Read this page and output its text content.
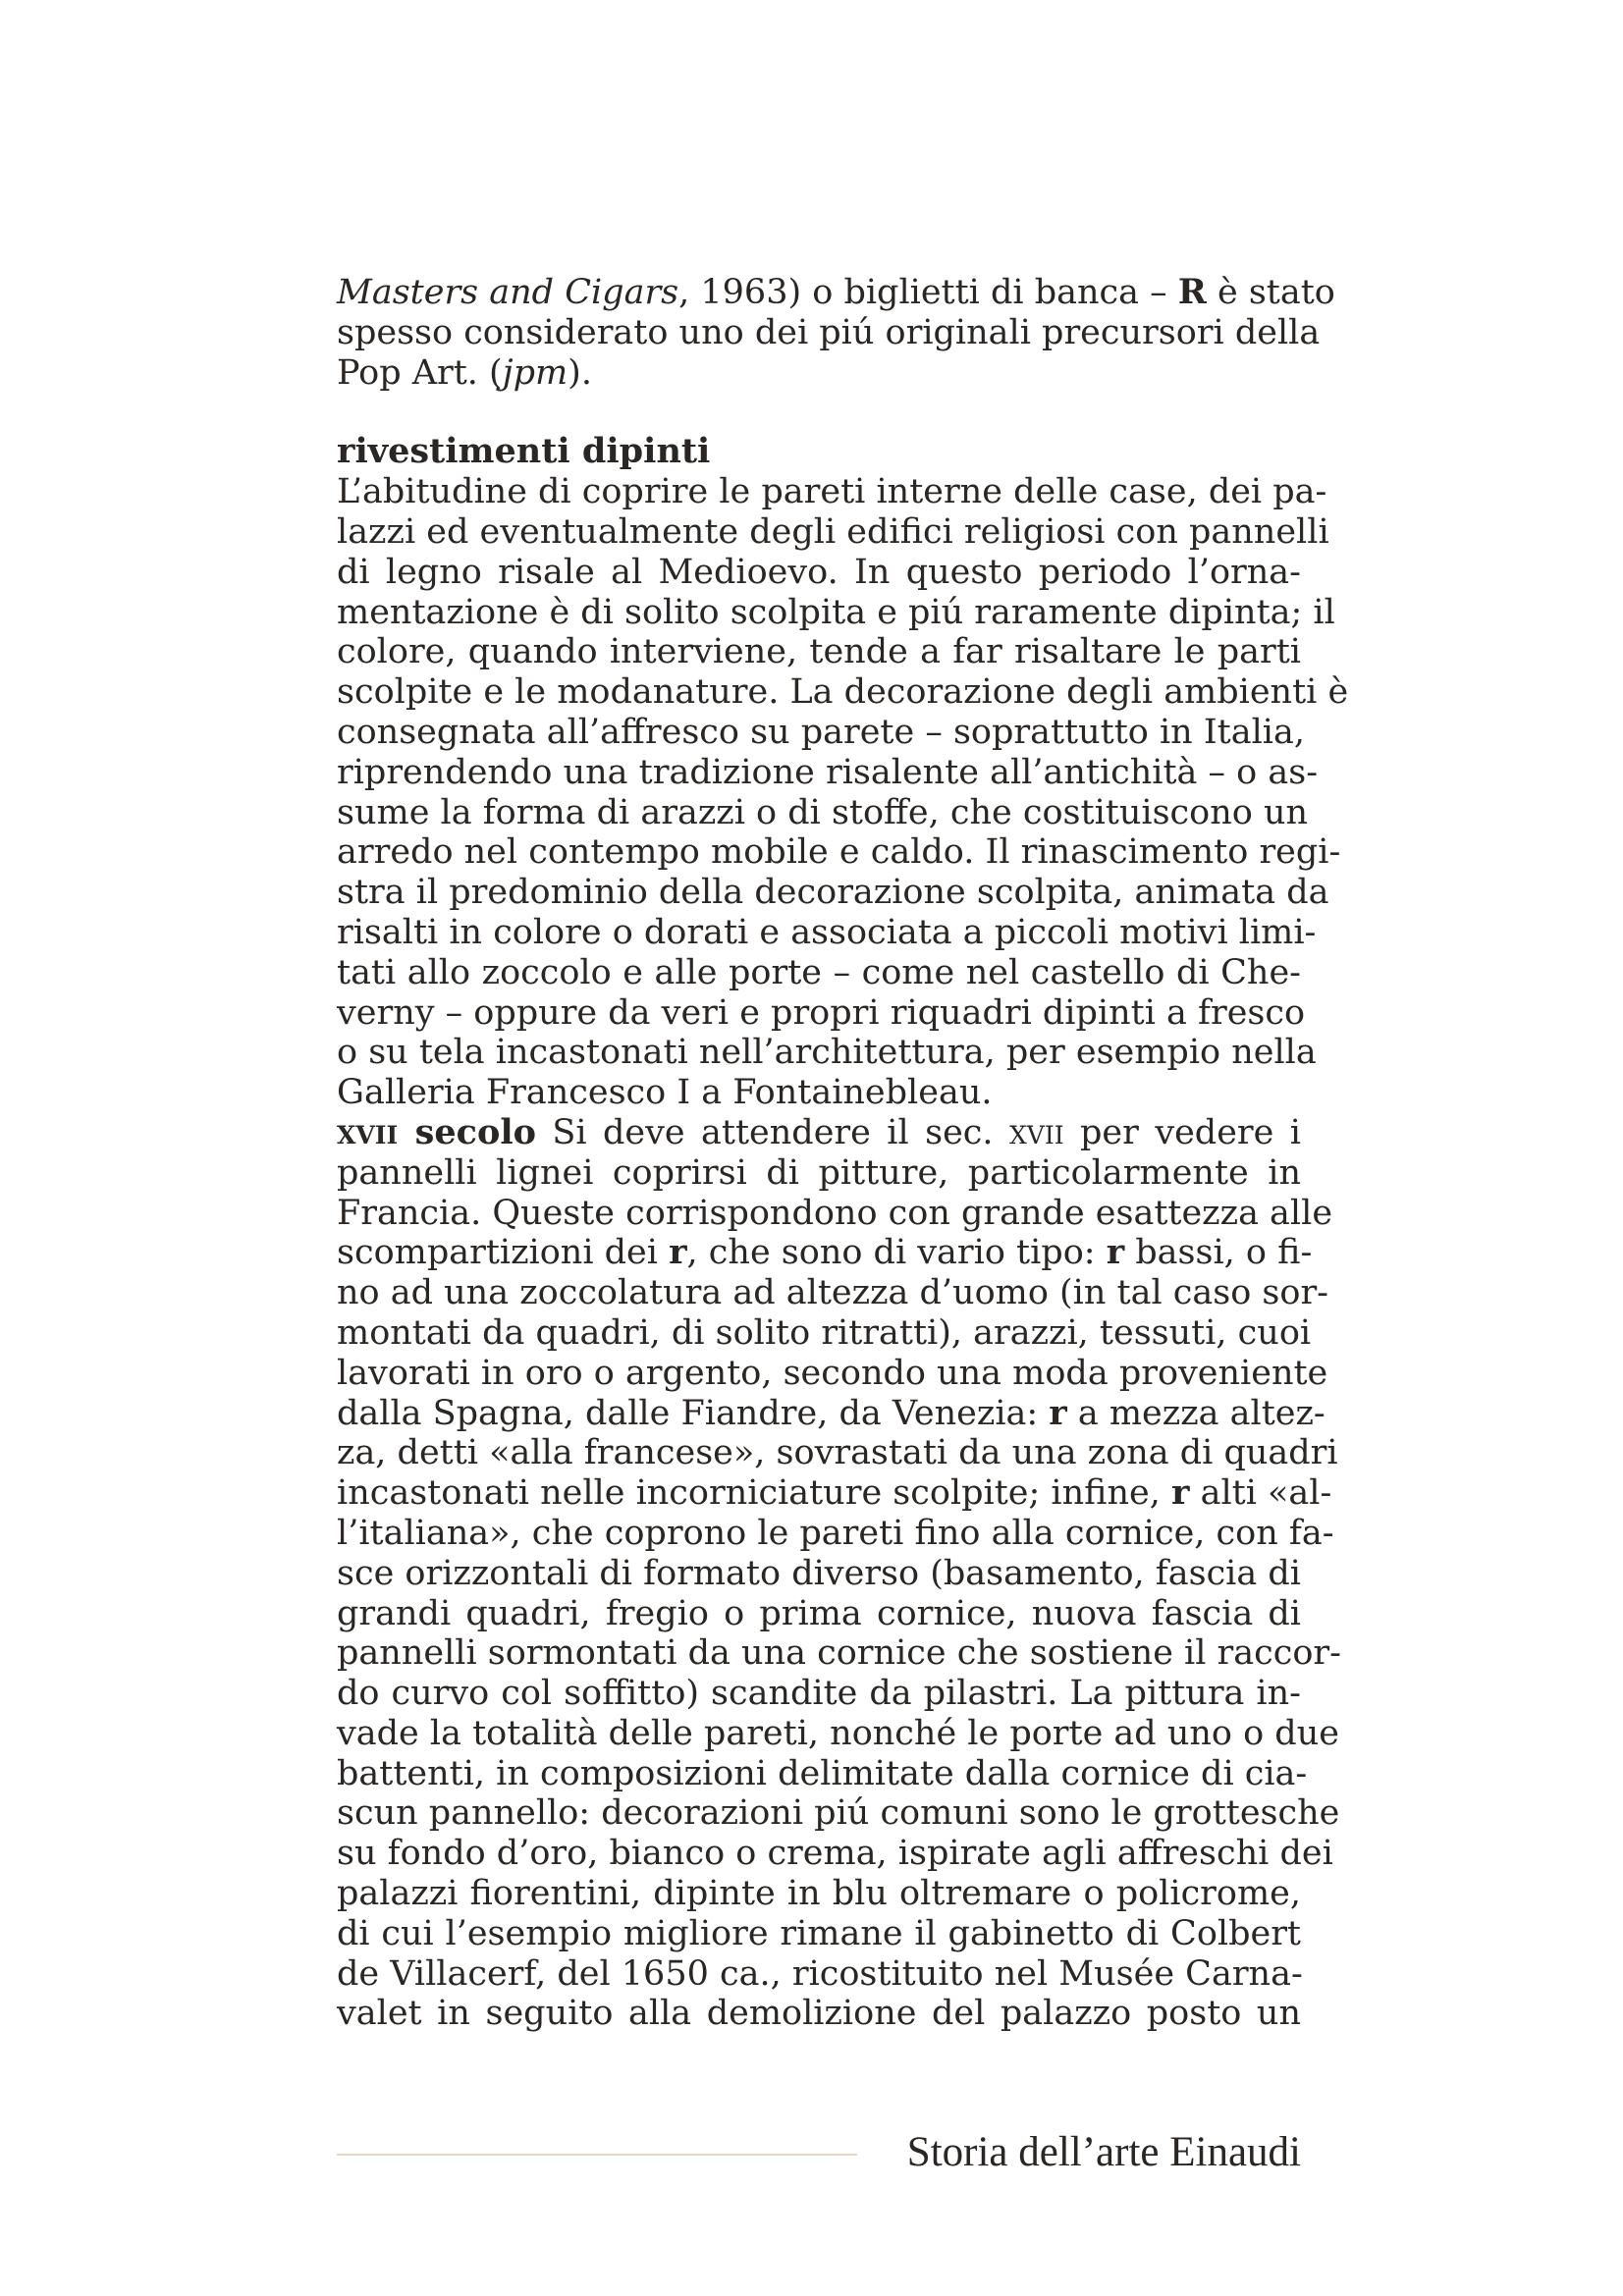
Masters and Cigars, 1963) o biglietti di banca – R è stato
spesso considerato uno dei piú originali precursori della
Pop Art. (jpm).
rivestimenti dipinti
L’abitudine di coprire le pareti interne delle case, dei pa-
lazzi ed eventualmente degli edifici religiosi con pannelli
di legno risale al Medioevo. In questo periodo l’orna-
mentazione è di solito scolpita e piú raramente dipinta; il
colore, quando interviene, tende a far risaltare le parti
scolpite e le modanature. La decorazione degli ambienti è
consegnata all’affresco su parete – soprattutto in Italia,
riprendendo una tradizione risalente all’antichità – o as-
sume la forma di arazzi o di stoffe, che costituiscono un
arredo nel contempo mobile e caldo. Il rinascimento regi-
stra il predominio della decorazione scolpita, animata da
risalti in colore o dorati e associata a piccoli motivi limi-
tati allo zoccolo e alle porte – come nel castello di Che-
verny – oppure da veri e propri riquadri dipinti a fresco
o su tela incastonati nell’architettura, per esempio nella
Galleria Francesco I a Fontainebleau.
xvii secolo Si deve attendere il sec. xvii per vedere i
pannelli lignei coprirsi di pitture, particolarmente in
Francia. Queste corrispondono con grande esattezza alle
scompartizioni dei r, che sono di vario tipo: r bassi, o fi-
no ad una zoccolatura ad altezza d’uomo (in tal caso sor-
montati da quadri, di solito ritratti), arazzi, tessuti, cuoi
lavorati in oro o argento, secondo una moda proveniente
dalla Spagna, dalle Fiandre, da Venezia: r a mezza altez-
za, detti «alla francese», sovrastati da una zona di quadri
incastonati nelle incorniciature scolpite; infine, r alti «al-
l’italiana», che coprono le pareti fino alla cornice, con fa-
sce orizzontali di formato diverso (basamento, fascia di
grandi quadri, fregio o prima cornice, nuova fascia di
pannelli sormontati da una cornice che sostiene il raccor-
do curvo col soffitto) scandite da pilastri. La pittura in-
vade la totalità delle pareti, nonché le porte ad uno o due
battenti, in composizioni delimitate dalla cornice di cia-
scun pannello: decorazioni piú comuni sono le grottesche
su fondo d’oro, bianco o crema, ispirate agli affreschi dei
palazzi fiorentini, dipinte in blu oltremare o policrome,
di cui l’esempio migliore rimane il gabinetto di Colbert
de Villacerf, del 1650 ca., ricostituito nel Musée Carna-
valet in seguito alla demolizione del palazzo posto un
Storia dell’arte Einaudi
